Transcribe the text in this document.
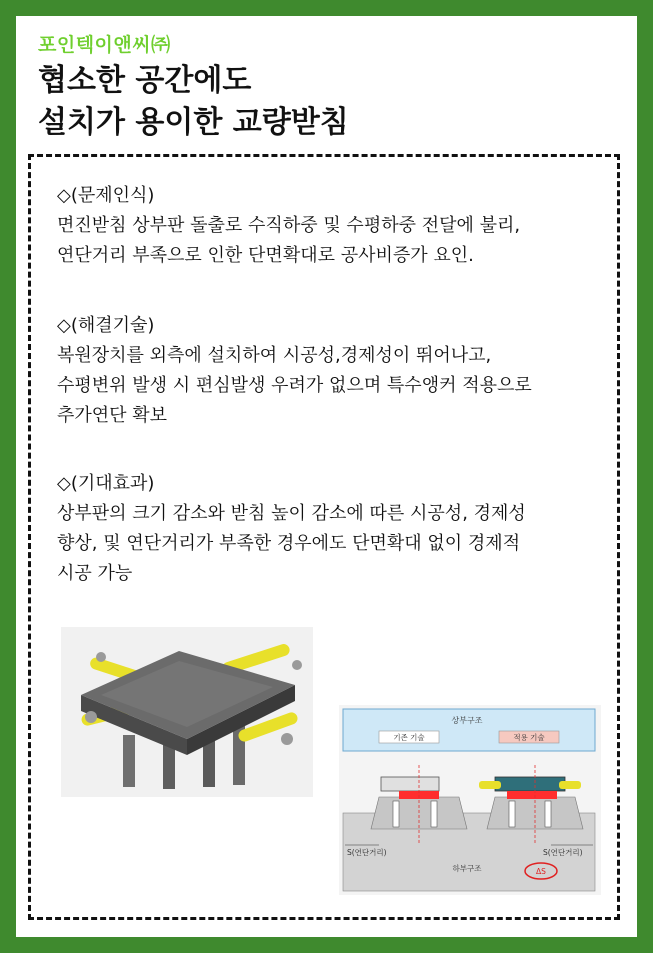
포인텍이앤씨㈜
협소한 공간에도
설치가 용이한 교량받침
◇(문제인식)
면진받침 상부판 돌출로 수직하중 및 수평하중 전달에 불리,
연단거리 부족으로 인한 단면확대로 공사비증가 요인.
◇(해결기술)
복원장치를 외측에 설치하여 시공성,경제성이 뛰어나고,
수평변위 발생 시 편심발생 우려가 없으며 특수앵커 적용으로
추가연단 확보
◇(기대효과)
상부판의 크기 감소와 받침 높이 감소에 따른 시공성, 경제성
향상, 및 연단거리가 부족한 경우에도 단면확대 없이 경제적
시공 가능
상부구조
기존 기술	적용 기술
S(연단거리)	S(연단거리)
하부구조	ΔS
